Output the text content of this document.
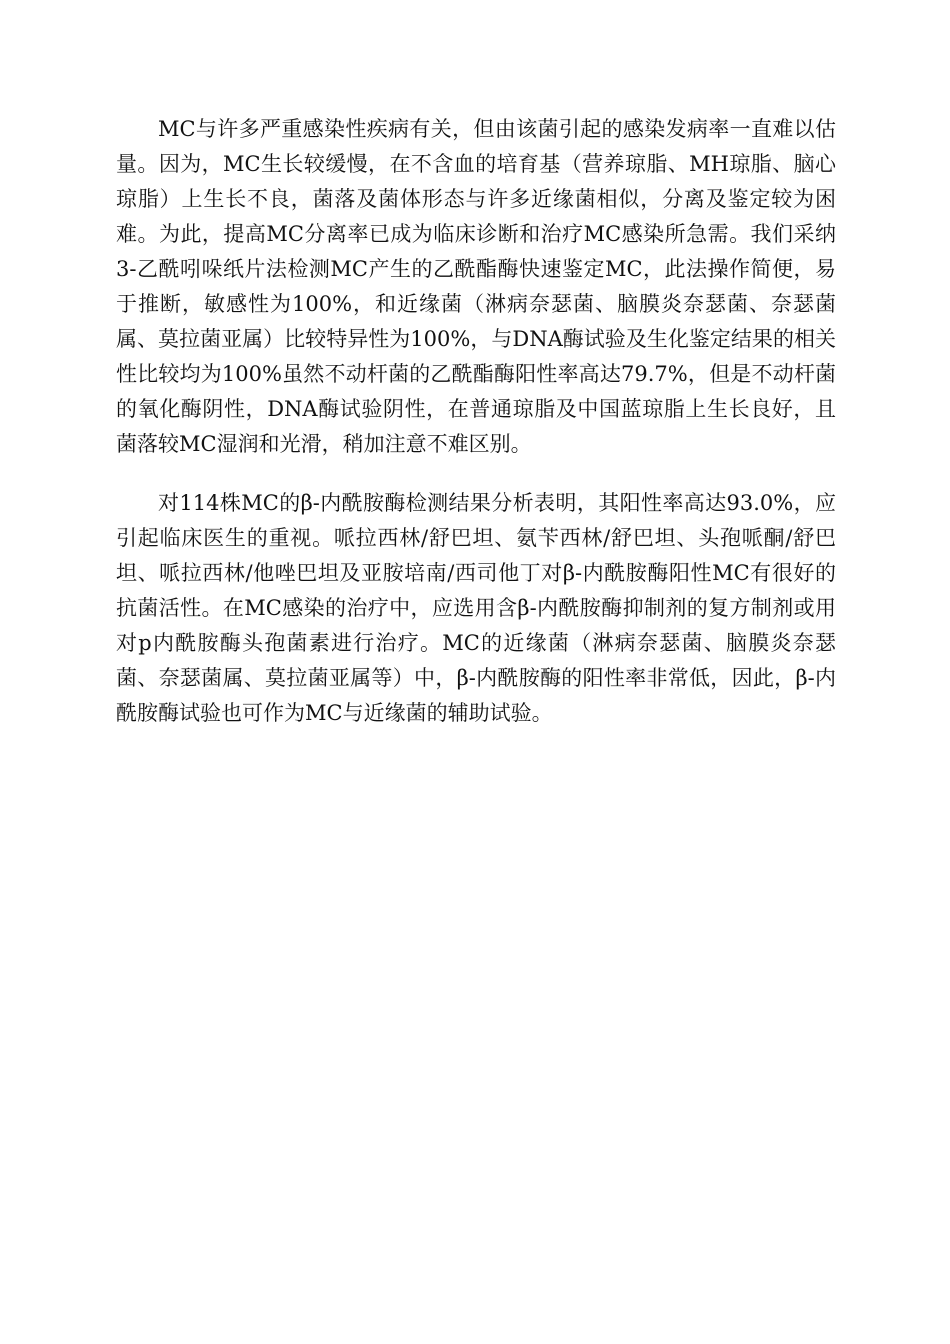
MC与许多严重感染性疾病有关，但由该菌引起的感染发病率一直难以估量。因为，MC生长较缓慢，在不含血的培育基（营养琼脂、MH琼脂、脑心琼脂）上生长不良，菌落及菌体形态与许多近缘菌相似，分离及鉴定较为困难。为此，提高MC分离率已成为临床诊断和治疗MC感染所急需。我们采纳3-乙酰吲哚纸片法检测MC产生的乙酰酯酶快速鉴定MC，此法操作简便，易于推断，敏感性为100%，和近缘菌（淋病奈瑟菌、脑膜炎奈瑟菌、奈瑟菌属、莫拉菌亚属）比较特异性为100%，与DNA酶试验及生化鉴定结果的相关性比较均为100%虽然不动杆菌的乙酰酯酶阳性率高达79.7%，但是不动杆菌的氧化酶阴性，DNA酶试验阴性，在普通琼脂及中国蓝琼脂上生长良好，且菌落较MC湿润和光滑，稍加注意不难区别。

对114株MC的β-内酰胺酶检测结果分析表明，其阳性率高达93.0%，应引起临床医生的重视。哌拉西林/舒巴坦、氨苄西林/舒巴坦、头孢哌酮/舒巴坦、哌拉西林/他唑巴坦及亚胺培南/西司他丁对β-内酰胺酶阳性MC有很好的抗菌活性。在MC感染的治疗中，应选用含β-内酰胺酶抑制剂的复方制剂或用对p内酰胺酶头孢菌素进行治疗。MC的近缘菌（淋病奈瑟菌、脑膜炎奈瑟菌、奈瑟菌属、莫拉菌亚属等）中，β-内酰胺酶的阳性率非常低，因此，β-内酰胺酶试验也可作为MC与近缘菌的辅助试验。
